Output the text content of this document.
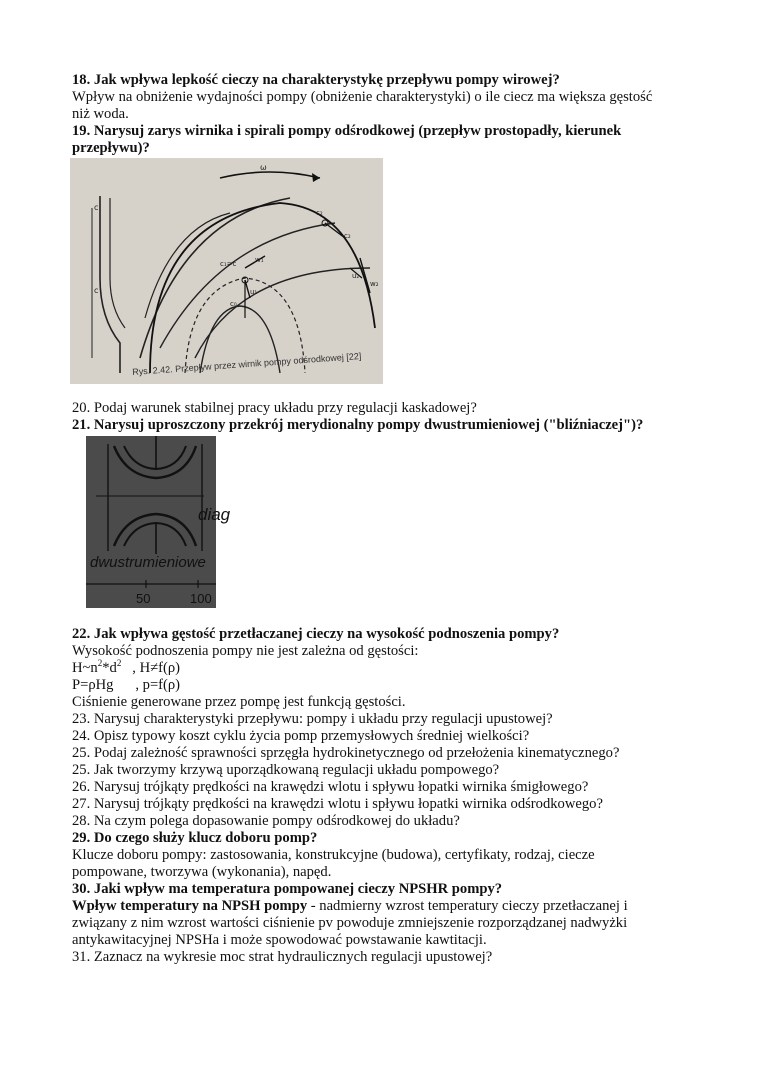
18. Jak wpływa lepkość cieczy na charakterystykę przepływu pompy wirowej?

Wpływ na obniżenie wydajności pompy (obniżenie charakterystyki) o ile ciecz ma większa gęstość

niż woda.

19. Narysuj zarys wirnika i spirali pompy odśrodkowej (przepływ prostopadły, kierunek

przepływu)?

c
c
ω
c₁=c	w₁
u₁
c₀
c₂
c₂
u₂
w₂
Rys. 2.42. Przepływ przez wirnik pompy odśrodkowej [22]

20. Podaj warunek stabilnej pracy układu przy regulacji kaskadowej?

21. Narysuj uproszczony przekrój merydionalny pompy dwustrumieniowej ("bliźniaczej")?

diag
dwustrumieniowe
50	100

22. Jak wpływa gęstość przetłaczanej cieczy na wysokość podnoszenia pompy?

Wysokość podnoszenia pompy nie jest zależna od gęstości:

$H\sim n^2*d^2$   , H≠f(ρ)

P=ρHg      , p=f(ρ)

Ciśnienie generowane przez pompę jest funkcją gęstości.

23. Narysuj charakterystyki przepływu: pompy i układu przy regulacji upustowej?

24. Opisz typowy koszt cyklu życia pomp przemysłowych średniej wielkości?

25. Podaj zależność sprawności sprzęgła hydrokinetycznego od przełożenia kinematycznego?

25. Jak tworzymy krzywą uporządkowaną regulacji układu pompowego?

26. Narysuj trójkąty prędkości na krawędzi wlotu i spływu łopatki wirnika śmigłowego?

27. Narysuj trójkąty prędkości na krawędzi wlotu i spływu łopatki wirnika odśrodkowego?

28. Na czym polega dopasowanie pompy odśrodkowej do układu?

29. Do czego służy klucz doboru pomp?

Klucze doboru pompy: zastosowania, konstrukcyjne (budowa), certyfikaty, rodzaj, ciecze

pompowane, tworzywa (wykonania), napęd.

30. Jaki wpływ ma temperatura pompowanej cieczy NPSHR pompy?

Wpływ temperatury na NPSH pompy - nadmierny wzrost temperatury cieczy przetłaczanej i

związany z nim wzrost wartości ciśnienie pv powoduje zmniejszenie rozporządzanej nadwyżki

antykawitacyjnej NPSHa i może spowodować powstawanie kawtitacji.

31. Zaznacz na wykresie moc strat hydraulicznych regulacji upustowej?
